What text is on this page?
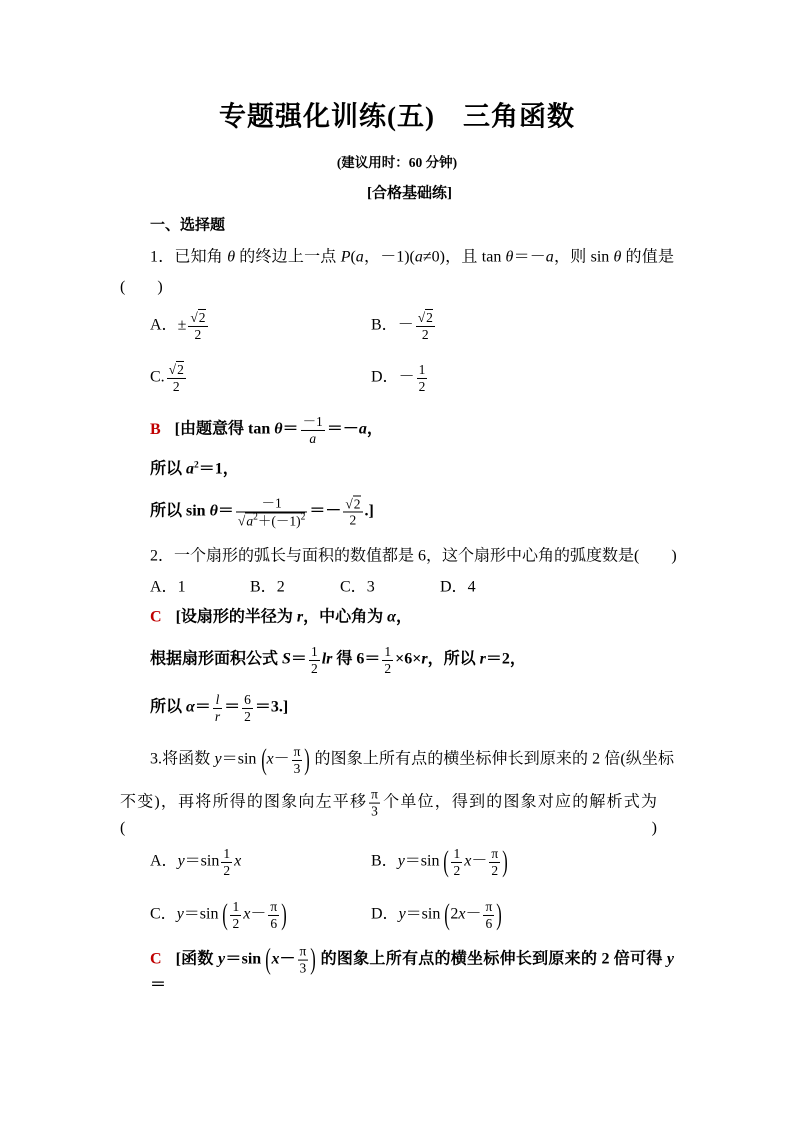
专题强化训练(五)　三角函数
(建议用时：60 分钟)
[合格基础练]
一、选择题
1．已知角 θ 的终边上一点 P(a，－1)(a≠0)，且 tan θ＝－a，则 sin θ 的值是
(　　)
A．± $\frac{√2}{2}$	B．－ $\frac{√2}{2}$
C. $\frac{√2}{2}$	D．－ $\frac{1}{2}$
B [由题意得 $\tan \theta= \frac{-1}{a} =-a$，
所以 $a^2=1$，
所以 $\sin \theta= \frac{-1}{√a^2+(-1)^2} =- \frac{√2}{2}$ .]
2．一个扇形的弧长与面积的数值都是 6，这个扇形中心角的弧度数是(　　)
A．1	B．2	C．3	D．4
C [设扇形的半径为 r，中心角为 α，
根据扇形面积公式 $S= \frac{1}{2}$ lr 得 $6= \frac{1}{2} \times 6\times r$，所以 r＝2，
所以 $\alpha= \frac{l}{r} = \frac{6}{2} =3$.]
3.将函数 y＝sin ($x- \frac{\pi}{3}$ ) 的图象上所有点的横坐标伸长到原来的 2 倍(纵坐标
不变)，再将所得的图象向左平移 $\frac{\pi}{3}$ 个单位，得到的图象对应的解析式为(　　)
A．$y=\sin \frac{1}{2}$ x	B．y＝sin ( $\frac{1}{2} x- \frac{\pi}{2}$ )
C．y＝sin ( $\frac{1}{2} x- \frac{\pi}{6}$ )	D．y＝sin ($2x- \frac{\pi}{6}$ )
C [函数 y＝sin ($x- \frac{\pi}{3}$ ) 的图象上所有点的横坐标伸长到原来的 2 倍可得 y＝
